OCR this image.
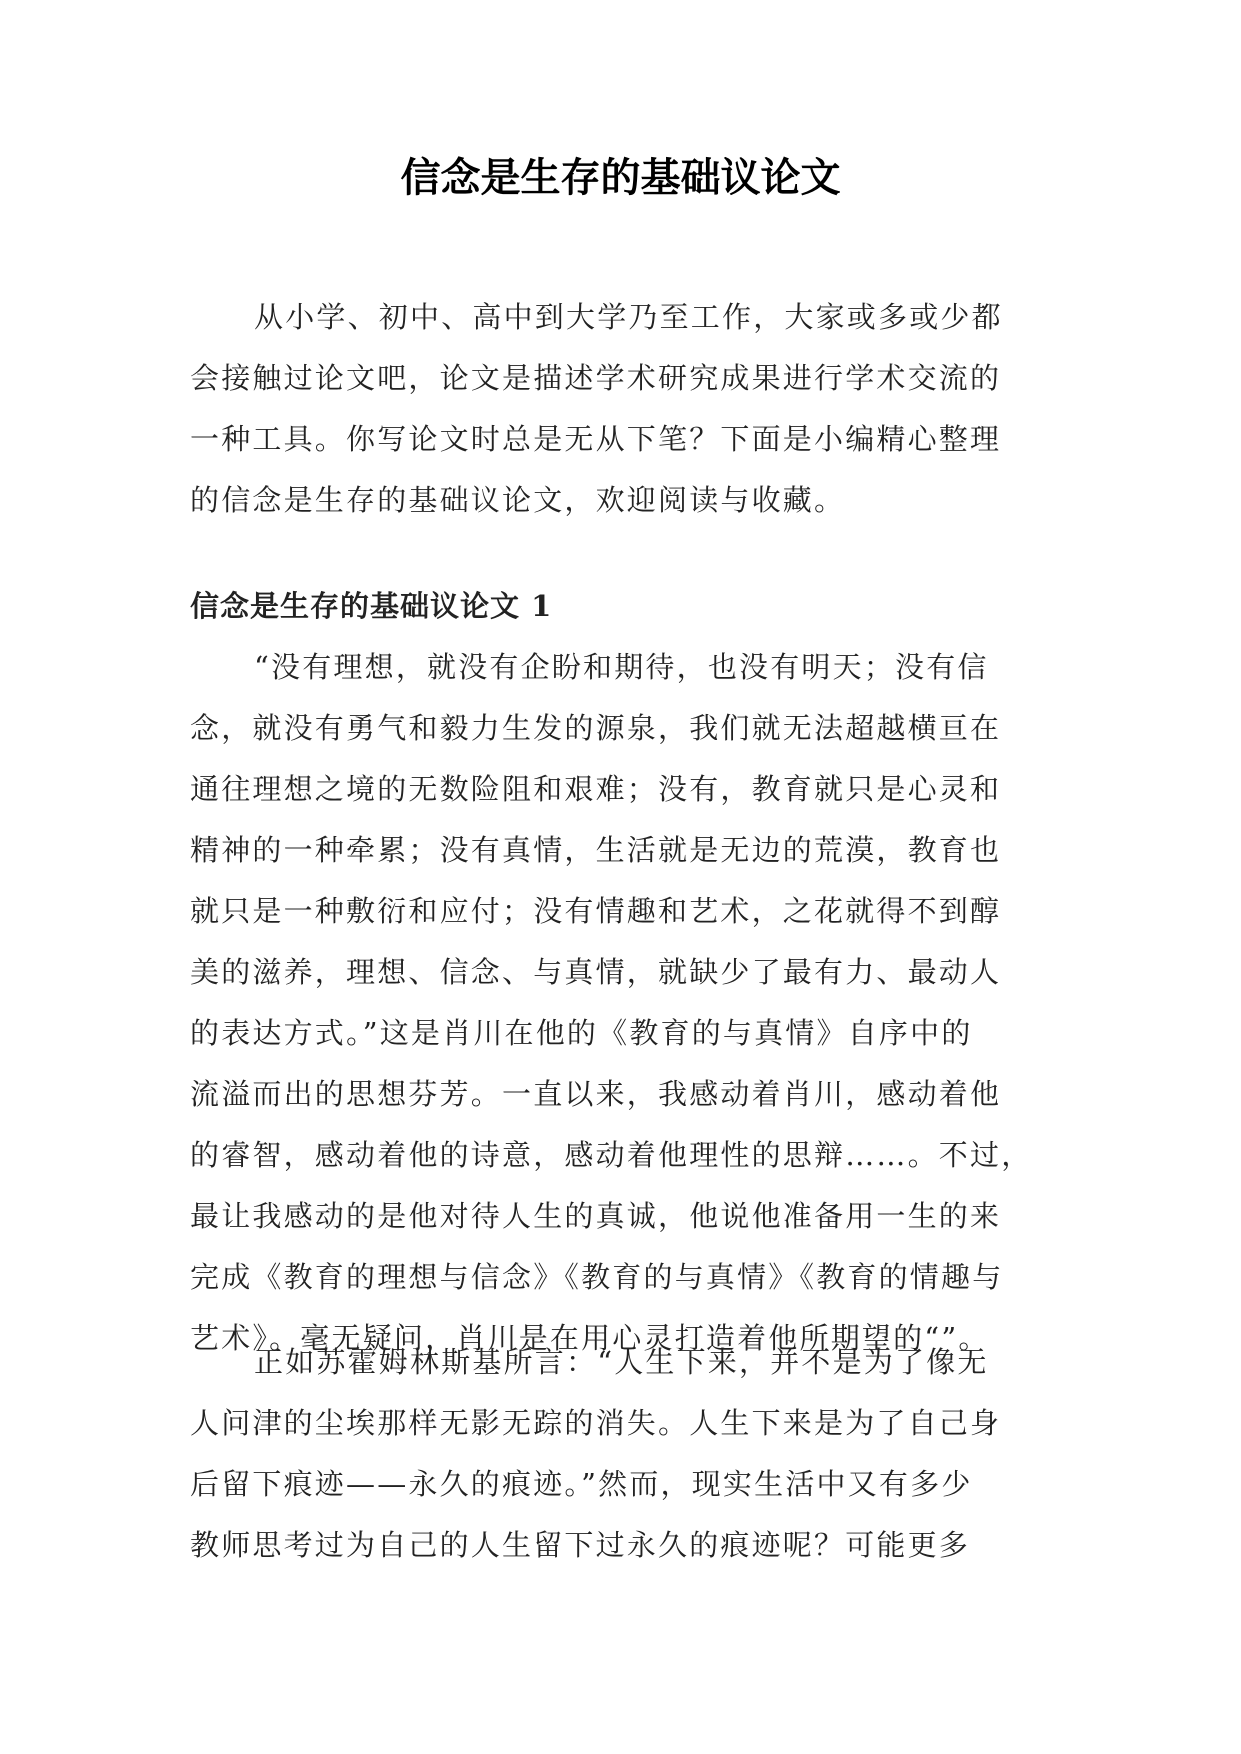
信念是生存的基础议论文

从小学、初中、高中到大学乃至工作，大家或多或少都
会接触过论文吧，论文是描述学术研究成果进行学术交流的
一种工具。你写论文时总是无从下笔？下面是小编精心整理
的信念是生存的基础议论文，欢迎阅读与收藏。

信念是生存的基础议论文 1

“没有理想，就没有企盼和期待，也没有明天；没有信
念，就没有勇气和毅力生发的源泉，我们就无法超越横亘在
通往理想之境的无数险阻和艰难；没有，教育就只是心灵和
精神的一种牵累；没有真情，生活就是无边的荒漠，教育也
就只是一种敷衍和应付；没有情趣和艺术，之花就得不到醇
美的滋养，理想、信念、与真情，就缺少了最有力、最动人
的表达方式。”这是肖川在他的《教育的与真情》自序中的
流溢而出的思想芬芳。一直以来，我感动着肖川，感动着他
的睿智，感动着他的诗意，感动着他理性的思辩……。不过，
最让我感动的是他对待人生的真诚，他说他准备用一生的来
完成《教育的理想与信念》《教育的与真情》《教育的情趣与
艺术》。毫无疑问，肖川是在用心灵打造着他所期望的“”。

正如苏霍姆林斯基所言：“人生下来，并不是为了像无
人问津的尘埃那样无影无踪的消失。人生下来是为了自己身
后留下痕迹——永久的痕迹。”然而，现实生活中又有多少
教师思考过为自己的人生留下过永久的痕迹呢？可能更多
